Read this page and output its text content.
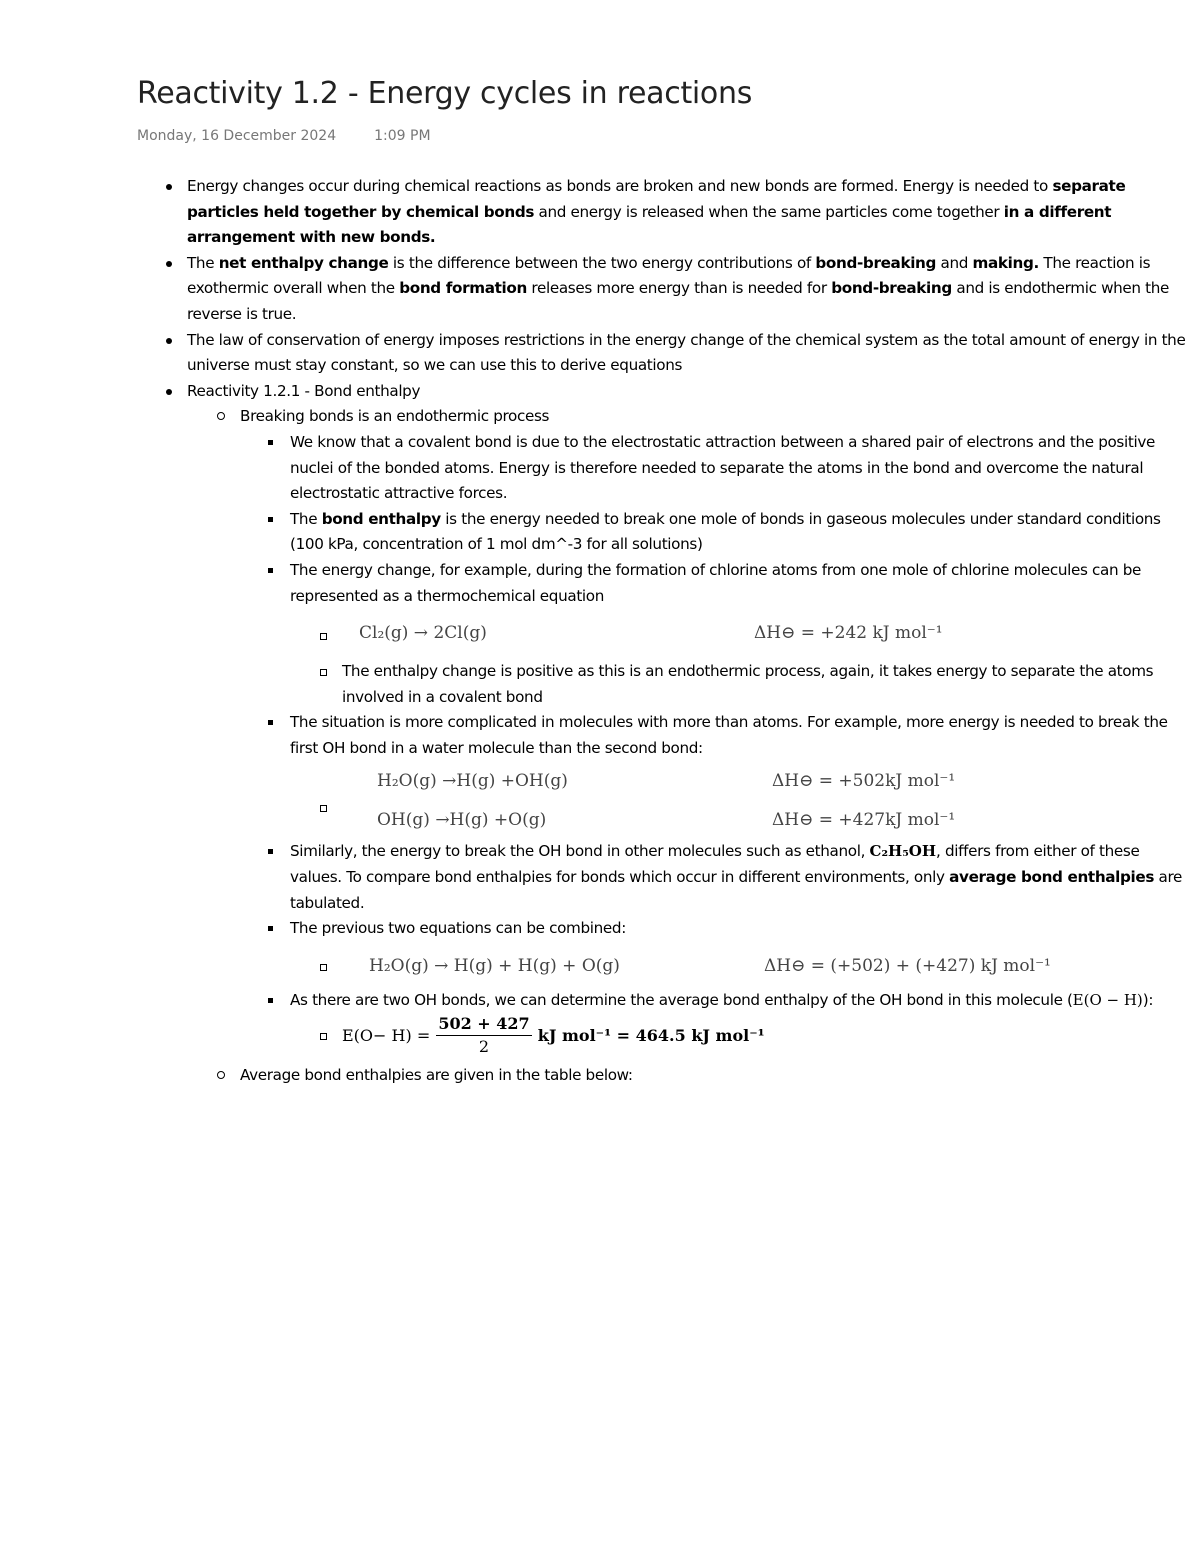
Reactivity 1.2 - Energy cycles in reactions
Monday, 16 December 2024	1:09 PM
Energy changes occur during chemical reactions as bonds are broken and new bonds are formed. Energy is needed to separate particles held together by chemical bonds and energy is released when the same particles come together in a different arrangement with new bonds.
The net enthalpy change is the difference between the two energy contributions of bond-breaking and making. The reaction is exothermic overall when the bond formation releases more energy than is needed for bond-breaking and is endothermic when the reverse is true.
The law of conservation of energy imposes restrictions in the energy change of the chemical system as the total amount of energy in the universe must stay constant, so we can use this to derive equations
Reactivity 1.2.1 - Bond enthalpy
Breaking bonds is an endothermic process
We know that a covalent bond is due to the electrostatic attraction between a shared pair of electrons and the positive nuclei of the bonded atoms. Energy is therefore needed to separate the atoms in the bond and overcome the natural electrostatic attractive forces.
The bond enthalpy is the energy needed to break one mole of bonds in gaseous molecules under standard conditions (100 kPa, concentration of 1 mol dm^-3 for all solutions)
The energy change, for example, during the formation of chlorine atoms from one mole of chlorine molecules can be represented as a thermochemical equation
Cl₂(g) → 2Cl(g)	ΔH⊖ = +242 kJ mol⁻¹
The enthalpy change is positive as this is an endothermic process, again, it takes energy to separate the atoms involved in a covalent bond
The situation is more complicated in molecules with more than atoms. For example, more energy is needed to break the first OH bond in a water molecule than the second bond:
H₂O(g) →H(g) +OH(g)	ΔH⊖ = +502kJ mol⁻¹
OH(g) →H(g) +O(g)	ΔH⊖ = +427kJ mol⁻¹
Similarly, the energy to break the OH bond in other molecules such as ethanol, C₂H₅OH, differs from either of these values. To compare bond enthalpies for bonds which occur in different environments, only average bond enthalpies are tabulated.
The previous two equations can be combined:
H₂O(g) → H(g) + H(g) + O(g)	ΔH⊖ = (+502) + (+427) kJ mol⁻¹
As there are two OH bonds, we can determine the average bond enthalpy of the OH bond in this molecule (E(O − H)):
$E(O- H) = \frac{502 + 427}{2}$ kJ mol⁻¹ = 464.5 kJ mol⁻¹
Average bond enthalpies are given in the table below:
